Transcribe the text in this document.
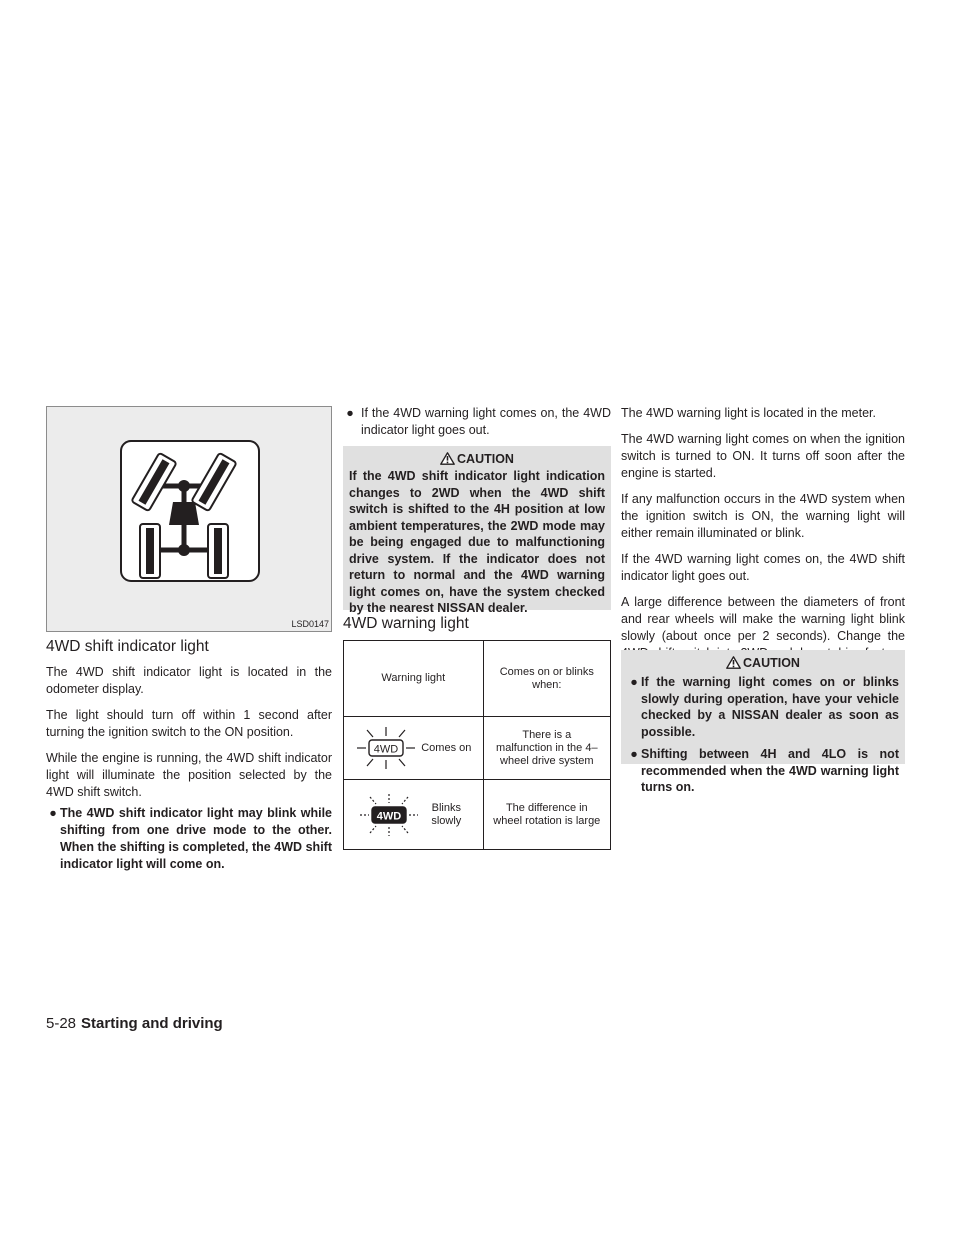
LSD0147
4WD shift indicator light

The 4WD shift indicator light is located in the odometer display.

The light should turn off within 1 second after turning the ignition switch to the ON position.

While the engine is running, the 4WD shift indicator light will illuminate the position selected by the 4WD shift switch.

● The 4WD shift indicator light may blink while shifting from one drive mode to the other. When the shifting is completed, the 4WD shift indicator light will come on.
● If the 4WD warning light comes on, the 4WD indicator light goes out.
CAUTION
If the 4WD shift indicator light indication changes to 2WD when the 4WD shift switch is shifted to the 4H position at low ambient temperatures, the 2WD mode may be being engaged due to malfunctioning drive system. If the indicator does not return to normal and the 4WD warning light comes on, have the system checked by the nearest NISSAN dealer.
4WD warning light
Warning light	Comes on or blinks when:

4WD Comes on	There is a malfunction in the 4–wheel drive system

4WD
Blinks slowly	The difference in wheel rotation is large

The 4WD warning light is located in the meter.

The 4WD warning light comes on when the ignition switch is turned to ON. It turns off soon after the engine is started.

If any malfunction occurs in the 4WD system when the ignition switch is ON, the warning light will either remain illuminated or blink.

If the 4WD warning light comes on, the 4WD shift indicator light goes out.

A large difference between the diameters of front and rear wheels will make the warning light blink slowly (about once per 2 seconds). Change the

CAUTION
● If the warning light comes on or blinks slowly during operation, have your vehicle checked by a NISSAN dealer as soon as possible.
● Shifting between 4H and 4LO is not recommended when the 4WD warning light turns on.
5-28 Starting and driving
